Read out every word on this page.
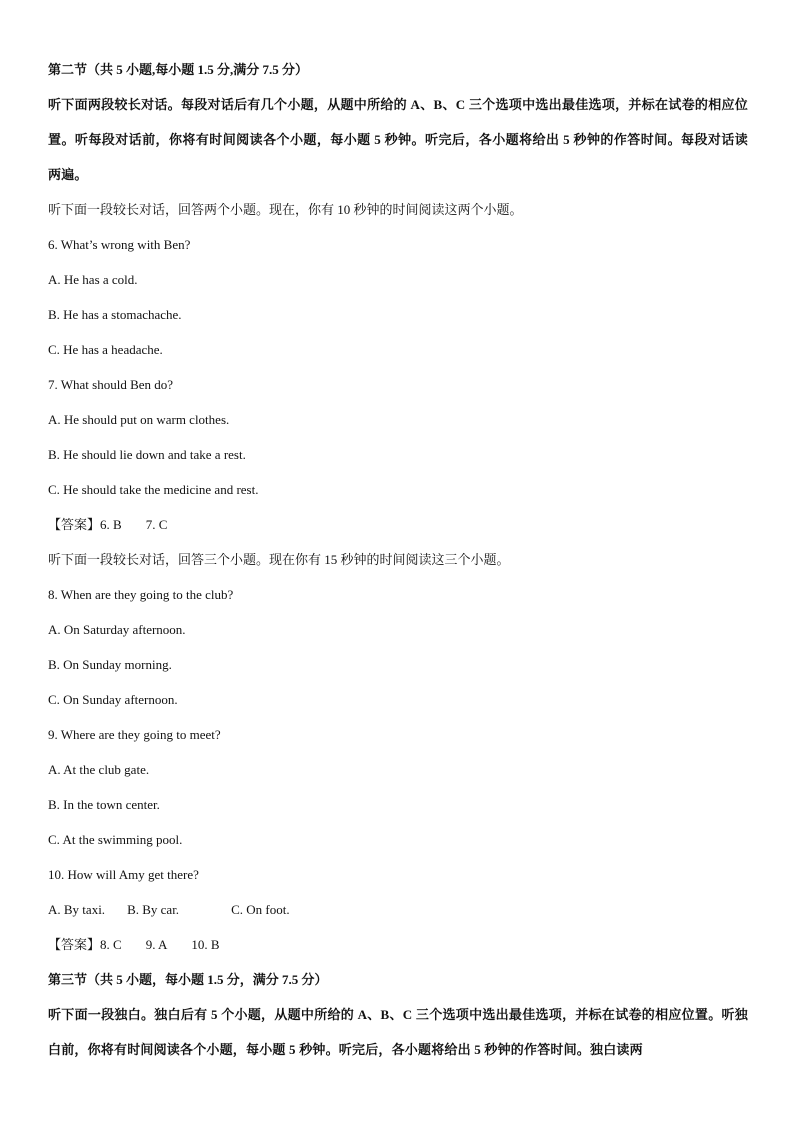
第二节（共 5 小题,每小题 1.5 分,满分 7.5 分）

听下面两段较长对话。每段对话后有几个小题，从题中所给的 A、B、C 三个选项中选出最佳选项，并标在试卷的相应位置。听每段对话前，你将有时间阅读各个小题，每小题 5 秒钟。听完后，各小题将给出 5 秒钟的作答时间。每段对话读两遍。

听下面一段较长对话，回答两个小题。现在，你有 10 秒钟的时间阅读这两个小题。

6. What’s wrong with Ben?

A. He has a cold.

B. He has a stomachache.

C. He has a headache.

7. What should Ben do?

A. He should put on warm clothes.

B. He should lie down and take a rest.

C. He should take the medicine and rest.

【答案】6. B 7. C

听下面一段较长对话，回答三个小题。现在你有 15 秒钟的时间阅读这三个小题。

8. When are they going to the club?

A. On Saturday afternoon.

B. On Sunday morning.

C. On Sunday afternoon.

9. Where are they going to meet?

A. At the club gate.

B. In the town center.

C. At the swimming pool.

10. How will Amy get there?

A. By taxi. B. By car.	C. On foot.

【答案】8. C 9. A 10. B

第三节（共 5 小题，每小题 1.5 分，满分 7.5 分）

听下面一段独白。独白后有 5 个小题，从题中所给的 A、B、C 三个选项中选出最佳选项，并标在试卷的相应位置。听独白前，你将有时间阅读各个小题，每小题 5 秒钟。听完后，各小题将给出 5 秒钟的作答时间。独白读两
